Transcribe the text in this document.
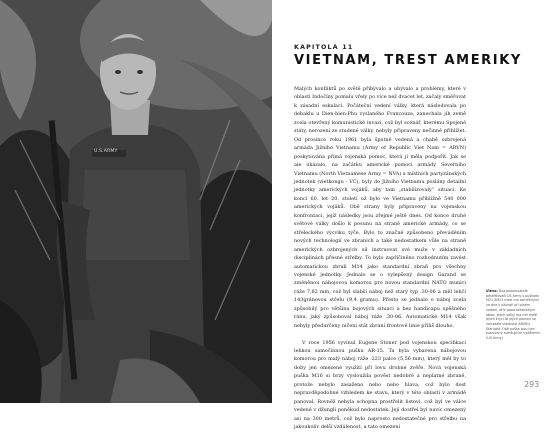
U.S.ARMY
KAPITOLA 11
VIETNAM, TREST AMERIKY

Malých konfliktů po světě přibývalo a ubývalo a problémy, které v oblasti Indočíny pomalu vřely po více než dvacet let, začaly směřovat k zásadní eskalaci. Počáteční vedení války, která následovala po debaklu u Dien-bien-Phu vyslaného Francouze, zanechala jih země zcela otevřený komunistické invazi, což byl scénář, kterému Spojené státy, nerození ze studené války, nebyly připraveny nečinně přihlížet. Od prosince roku 1961 byla špatně vedená a chabě ozbrojená armáda Jižního Vietnamu (Army of Republic Viet Nam = ARVN) poskytována přímá vojenská pomoc, která jí měla podpořit. Jak se ale ukázalo, na začátku americké pomoci armády Severního Vietnamu (North Vietnamese Army = NVA) a místních partyzánských jednotek (vietkongu - VC), byly do Jižního Vietnamu poslány detailní jednotky amerických vojáků, aby tam „stabilizovaly“ situaci. Ke konci 60. let 20. století už bylo ve Vietnamu přibližně 540 000 amerických vojáků. Obě strany byly připraveny na vojenskou konfrontaci, jejíž následky jsou zřejmé ještě dnes. Od konce druhé světové války došlo k posunu na straně americké armády, co se střeleckého výcviku týče. Bylo to značně způsobeno převáděním nových technologií ve zbraních a také nedostatkem vůle na straně amerických ozbrojených sil instruovat své muže v základních disciplínách přesné střelby. To bylo zapříčiněno rozhodnutím zavést automatickou zbraň M14 jako standardní zbraň pro všechny vojenské jednotky. Jednalo se o vylepšený design Garand se změněnou nábojovou komorou pro novou standardní NATO munici ráže 7,62 mm, což byl slabší náboj než starý typ .30-06 a měl lehčí 143gránovou střelu (9,4 gramu). Přesto se jednalo o náboj zcela způsobilý pro většinu bojových situací a bez handicapu spěšného ránu, jaký způsoboval náboj ráže .30-06. Automatické M14 však nebyly předurčeny ničení stát zbraní frontové linie příliš dlouho.

V roce 1956 vyvinul Eugene Stoner pod vojenskou specifikací lehkou samočinnou pušku AR-15. Ta byla vybavena nábojovou komorou pro malý náboj ráže .223 palce (5,56 mm), který měl by to doby jen omezené využití při lovu drobné zvěře. Nová vojenská puška M16 si brzy vysloužila pověst nedobré a neplatné zbraně, protože nebylo zasaženo nebo nebo hlava, což bylo dost nepravděpodobné vzhledem ke stavu, který v této oblasti v armádě panoval. Rovněž nebyla schopna prostřelit listoví, což byl ve válce vedené v džungli poněkud nedostatek. Její dostřel byl navíc omezený asi na 300 metrů, což bylo naprosto nedostatečné pro střelbu na jakoukoliv delší vzdálenost, a tato omezení

Vlevo: Dva pozorovatelé odstřelovači US Army s puškami M21 XM21 mezi ma zamířenými ve dne v džunglí při plném vedení, dřív pozorovatelských tábor. Jejich velký ma mít malé jejich krycí lzí jejich pomocí se nenadálá vlastnost ARVN's Starlight. Obě puška jsou hen tvarovaný zvetšujícím vydělením (US Army)
293
